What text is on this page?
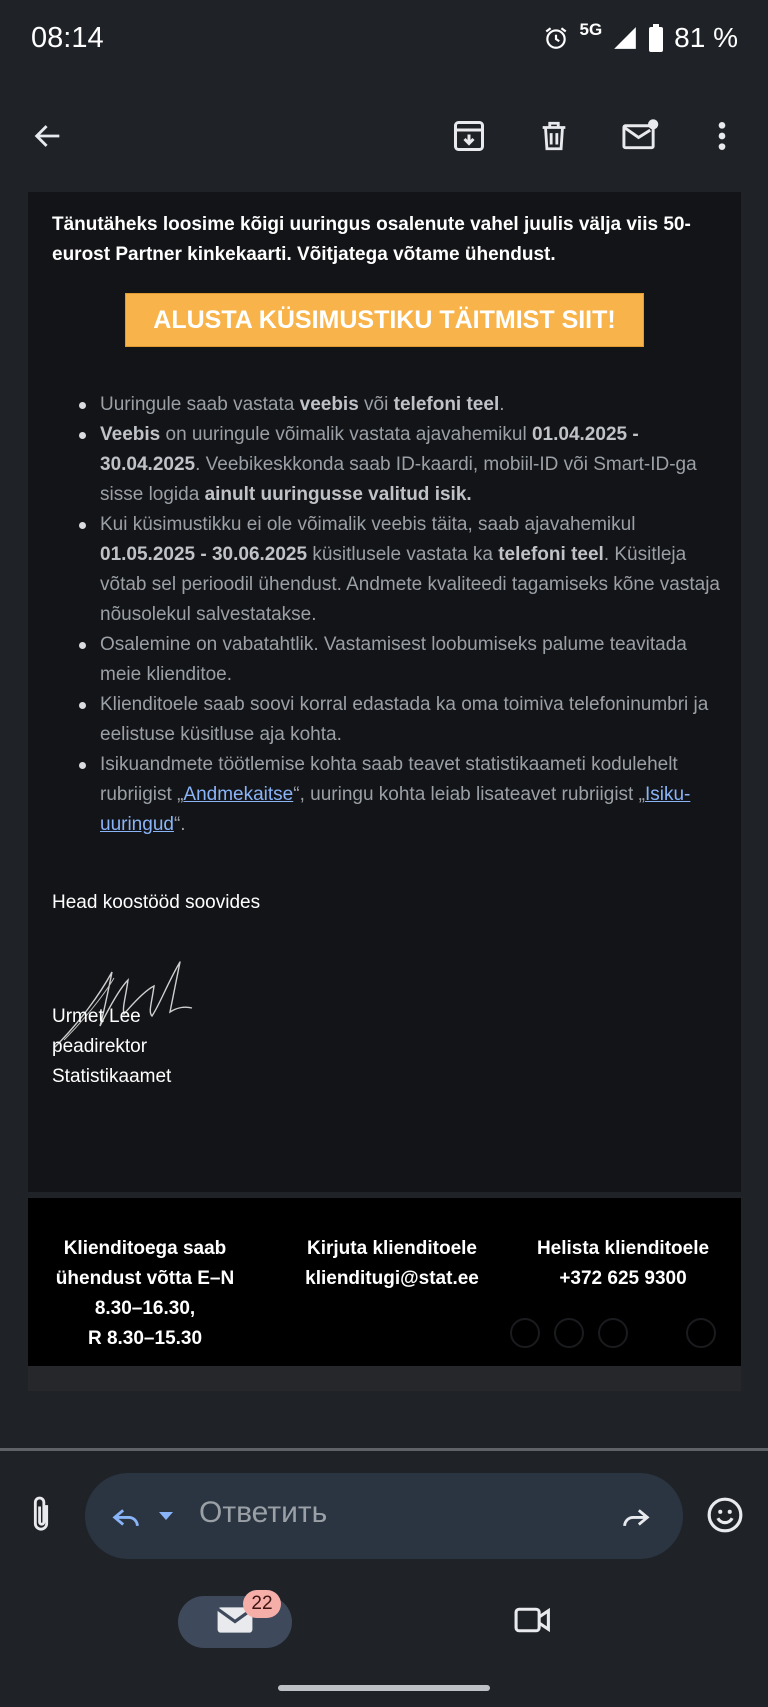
08:14	5G	81 %
Tänutäheks loosime kõigi uuringus osalenute vahel juulis välja viis 50-eurost Partner kinkekaarti. Võitjatega võtame ühendust.
ALUSTA KÜSIMUSTIKU TÄITMIST SIIT!
Uuringule saab vastata veebis või telefoni teel.
Veebis on uuringule võimalik vastata ajavahemikul 01.04.2025 - 30.04.2025. Veebikeskkonda saab ID-kaardi, mobiil-ID või Smart-ID-ga sisse logida ainult uuringusse valitud isik.
Kui küsimustikku ei ole võimalik veebis täita, saab ajavahemikul 01.05.2025 - 30.06.2025 küsitlusele vastata ka telefoni teel. Küsitleja võtab sel perioodil ühendust. Andmete kvaliteedi tagamiseks kõne vastaja nõusolekul salvestatakse.
Osalemine on vabatahtlik. Vastamisest loobumiseks palume teavitada meie klienditoe.
Klienditoele saab soovi korral edastada ka oma toimiva telefoninumbri ja eelistuse küsitluse aja kohta.
Isikuandmete töötlemise kohta saab teavet statistikaameti kodulehelt rubriigist „Andmekaitse“, uuringu kohta leiab lisateavet rubriigist „Isiku-uuringud“.
Head koostööd soovides
Urmet Lee
peadirektor
Statistikaamet
Klienditoega saab
ühendust võtta E–N
8.30–16.30,
R 8.30–15.30
Kirjuta klienditoele
klienditugi@stat.ee
Helista klienditoele
+372 625 9300
Ответить
22
